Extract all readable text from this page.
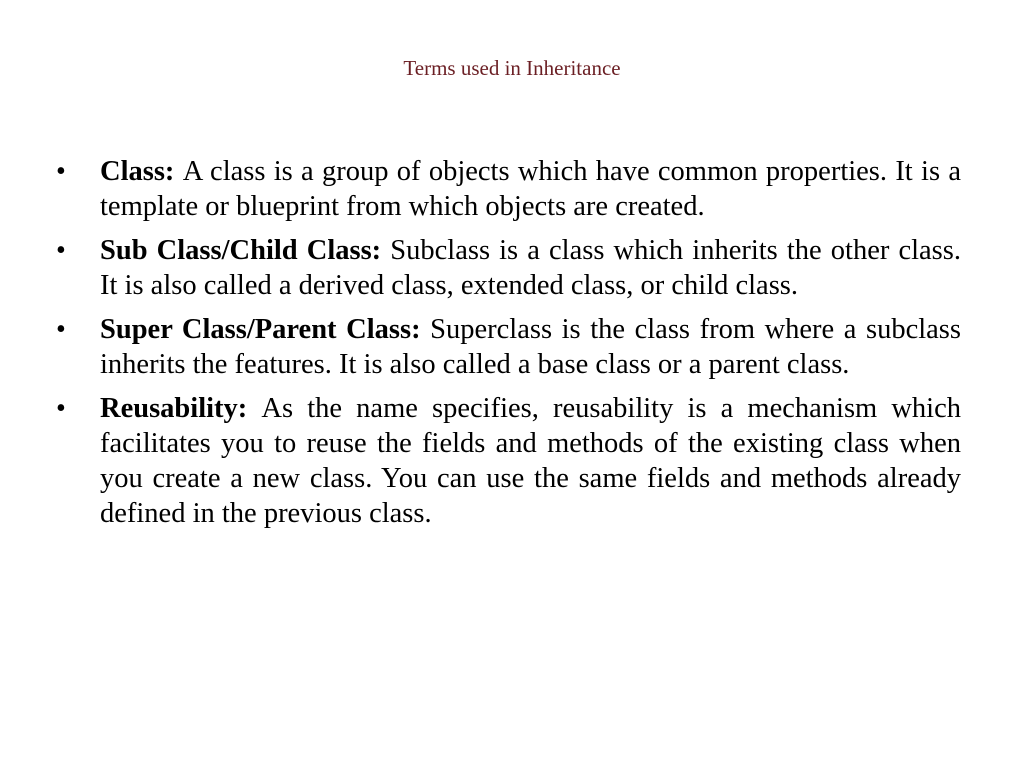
Terms used in Inheritance
•	Class: A class is a group of objects which have common properties. It is a template or blueprint from which objects are created.
•	Sub Class/Child Class: Subclass is a class which inherits the other class. It is also called a derived class, extended class, or child class.
•	Super Class/Parent Class: Superclass is the class from where a subclass inherits the features. It is also called a base class or a parent class.
•	Reusability: As the name specifies, reusability is a mechanism which facilitates you to reuse the fields and methods of the existing class when you create a new class. You can use the same fields and methods already defined in the previous class.
